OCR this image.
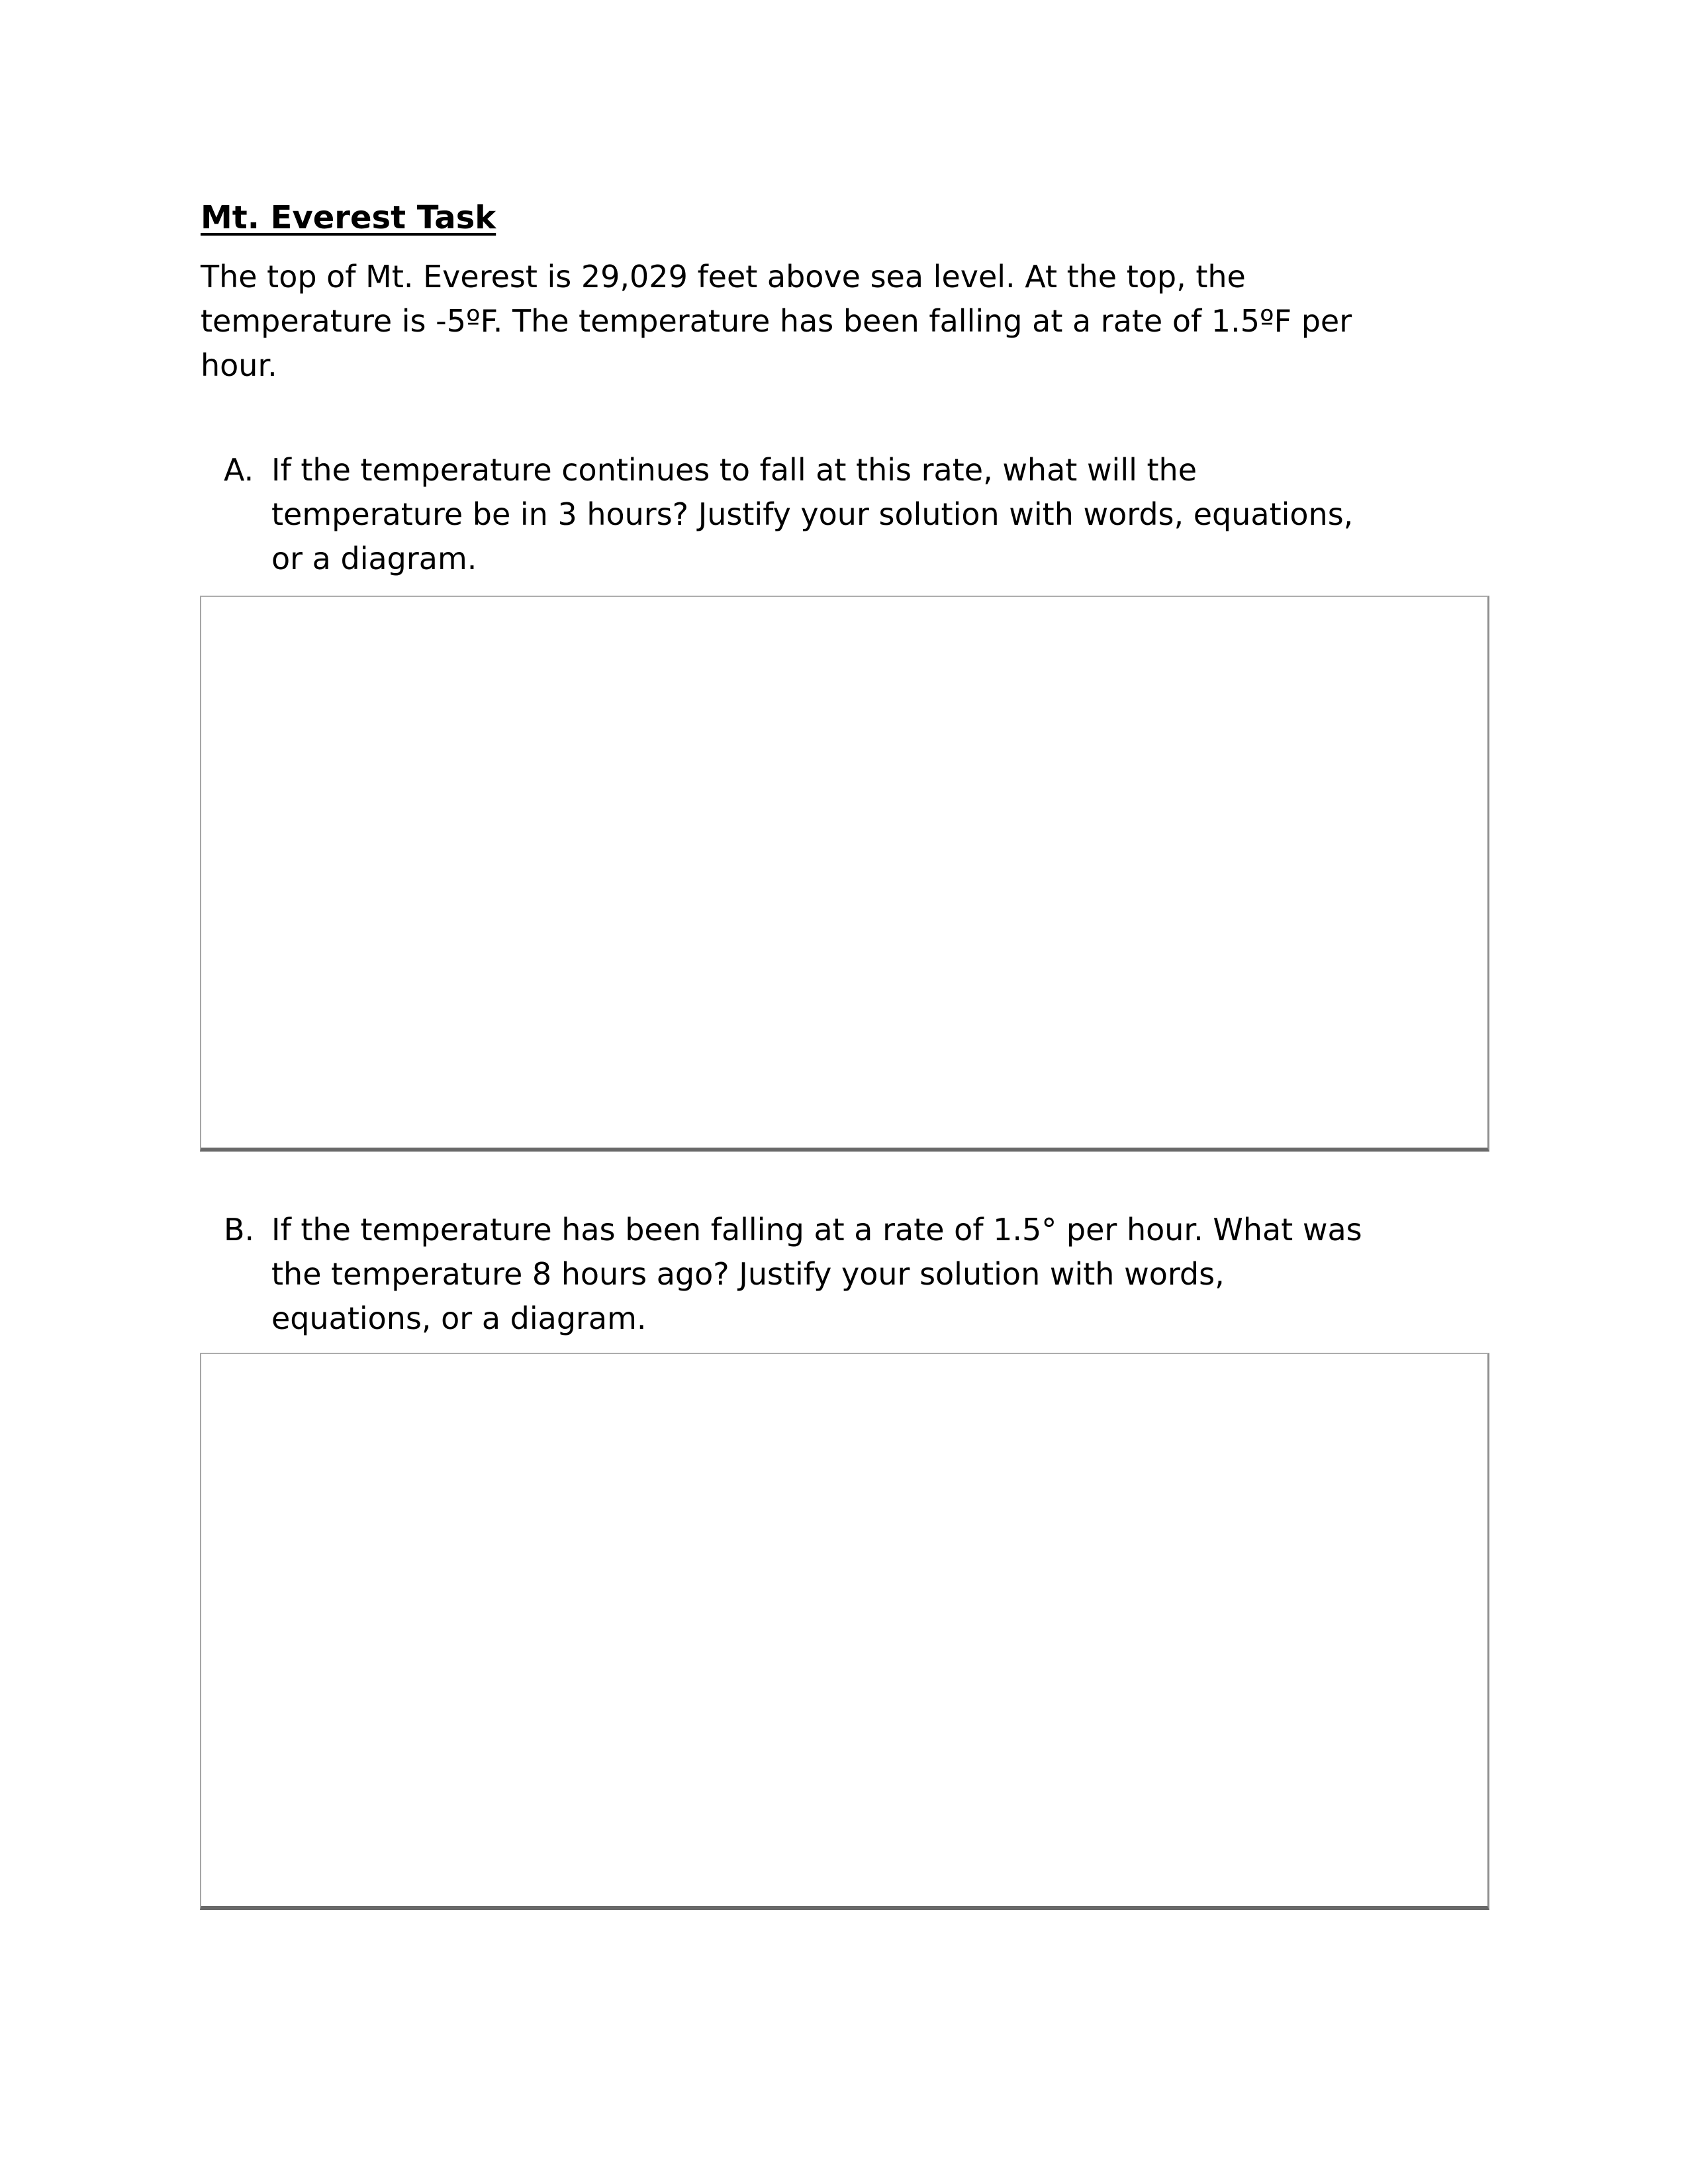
Mt. Everest Task
The top of Mt. Everest is 29,029 feet above sea level. At the top, the
temperature is -5ºF. The temperature has been falling at a rate of 1.5ºF per
hour.
A. If the temperature continues to fall at this rate, what will the
temperature be in 3 hours? Justify your solution with words, equations,
or a diagram.
B. If the temperature has been falling at a rate of 1.5° per hour. What was
the temperature 8 hours ago? Justify your solution with words,
equations, or a diagram.
